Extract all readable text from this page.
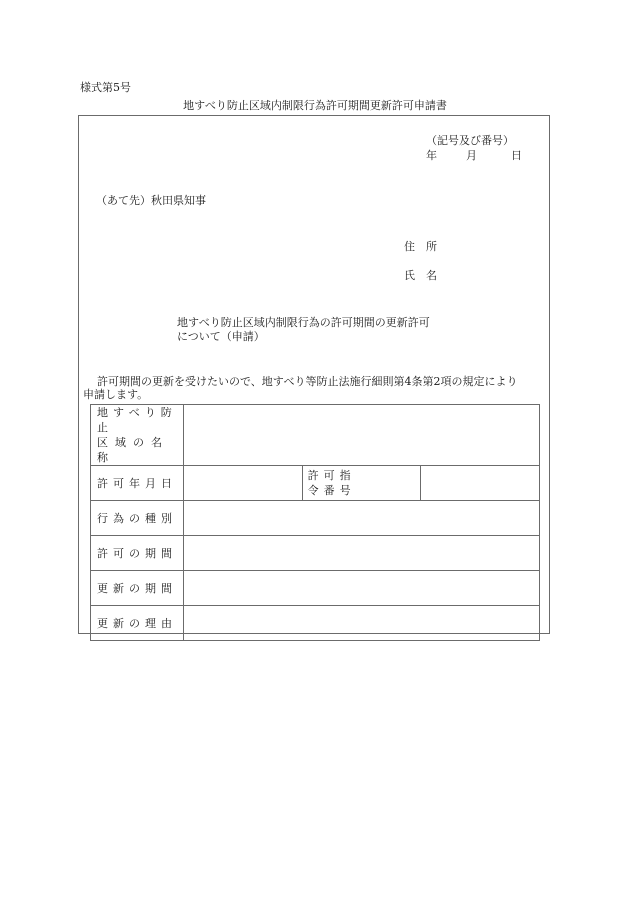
様式第5号
地すべり防止区域内制限行為許可期間更新許可申請書
（記号及び番号）
年	月	日
（あて先）秋田県知事
住　所
氏　名
地すべり防止区域内制限行為の許可期間の更新許可
について（申請）
許可期間の更新を受けたいので、地すべり等防止法施行細則第4条第2項の規定により
申請します。
地すべり防止
区域の名称			

許可年月日		許可指
令番号	

行為の種別			
許可の期間			
更新の期間			
更新の理由			
